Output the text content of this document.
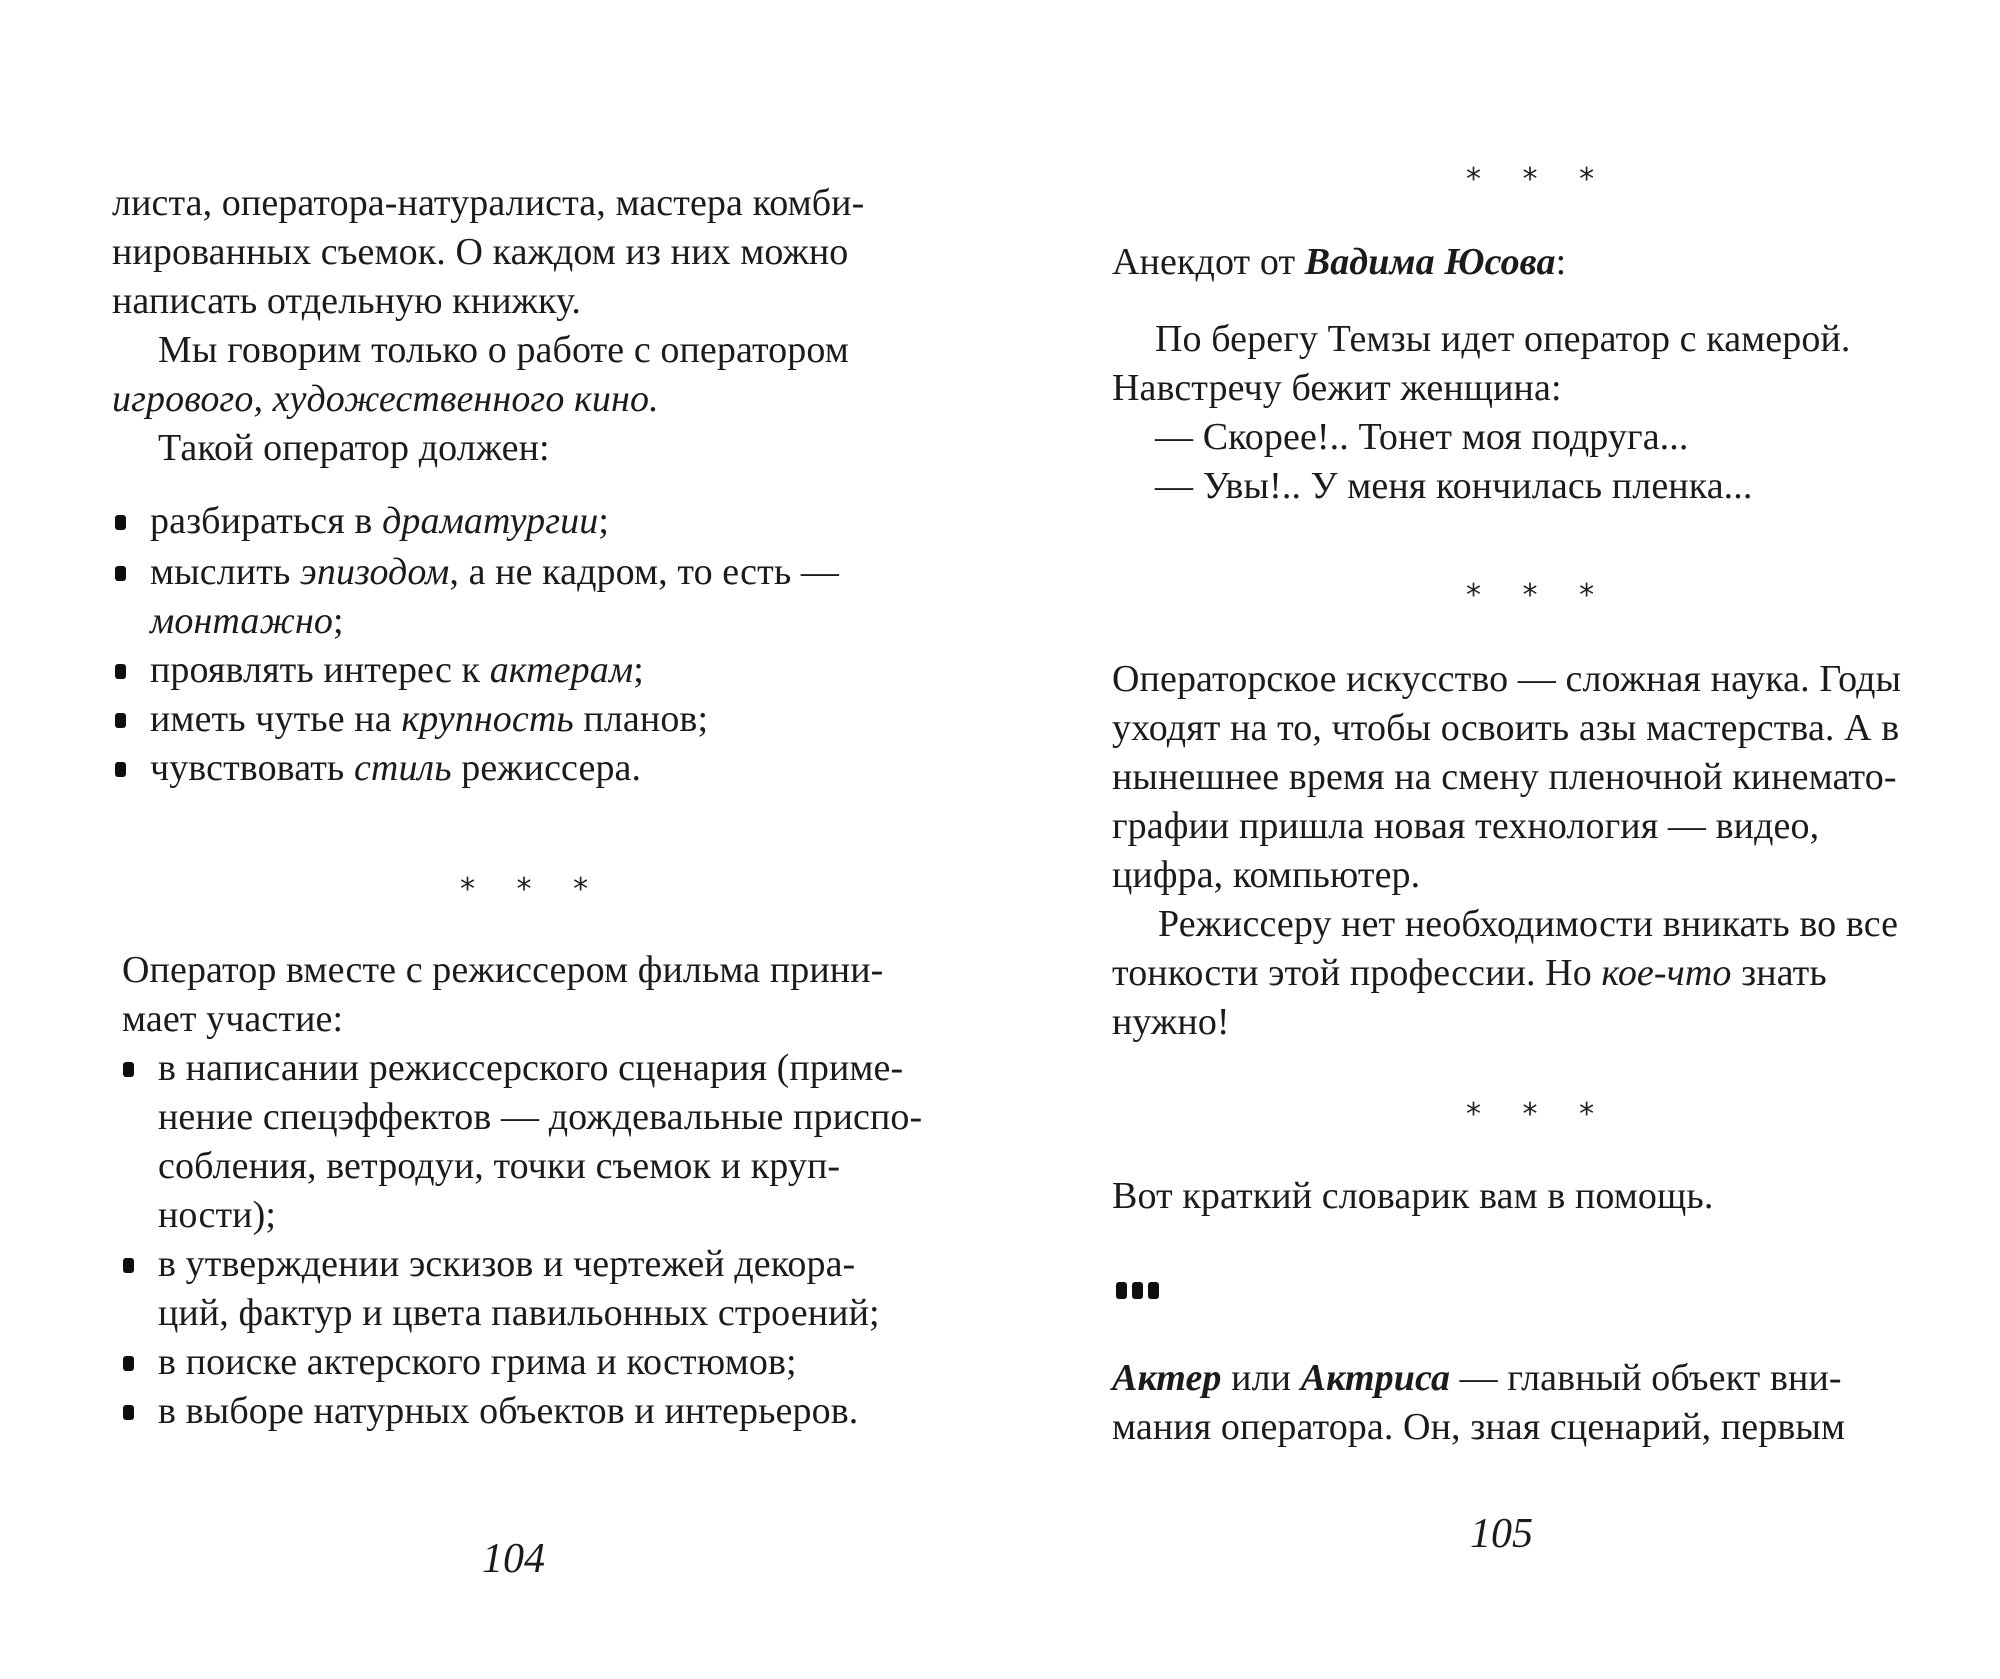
листа, оператора-натуралиста, мастера комби-
нированных съемок. О каждом из них можно
написать отдельную книжку.
Мы говорим только о работе с оператором
игрового, художественного кино.
Такой оператор должен:
разбираться в драматургии;
мыслить эпизодом, а не кадром, то есть —
монтажно;
проявлять интерес к актерам;
иметь чутье на крупность планов;
чувствовать стиль режиссера.
* * *
Оператор вместе с режиссером фильма прини-
мает участие:
в написании режиссерского сценария (приме-
нение спецэффектов — дождевальные приспо-
собления, ветродуи, точки съемок и круп-
ности);
в утверждении эскизов и чертежей декора-
ций, фактур и цвета павильонных строений;
в поиске актерского грима и костюмов;
в выборе натурных объектов и интерьеров.
104
* * *
Анекдот от Вадима Юсова:
По берегу Темзы идет оператор с камерой.
Навстречу бежит женщина:
— Скорее!.. Тонет моя подруга...
— Увы!.. У меня кончилась пленка...
* * *
Операторское искусство — сложная наука. Годы
уходят на то, чтобы освоить азы мастерства. А в
нынешнее время на смену пленочной кинемато-
графии пришла новая технология — видео,
цифра, компьютер.
Режиссеру нет необходимости вникать во все
тонкости этой профессии. Но кое-что знать
нужно!
* * *
Вот краткий словарик вам в помощь.
Актер или Актриса — главный объект вни-
мания оператора. Он, зная сценарий, первым
105
